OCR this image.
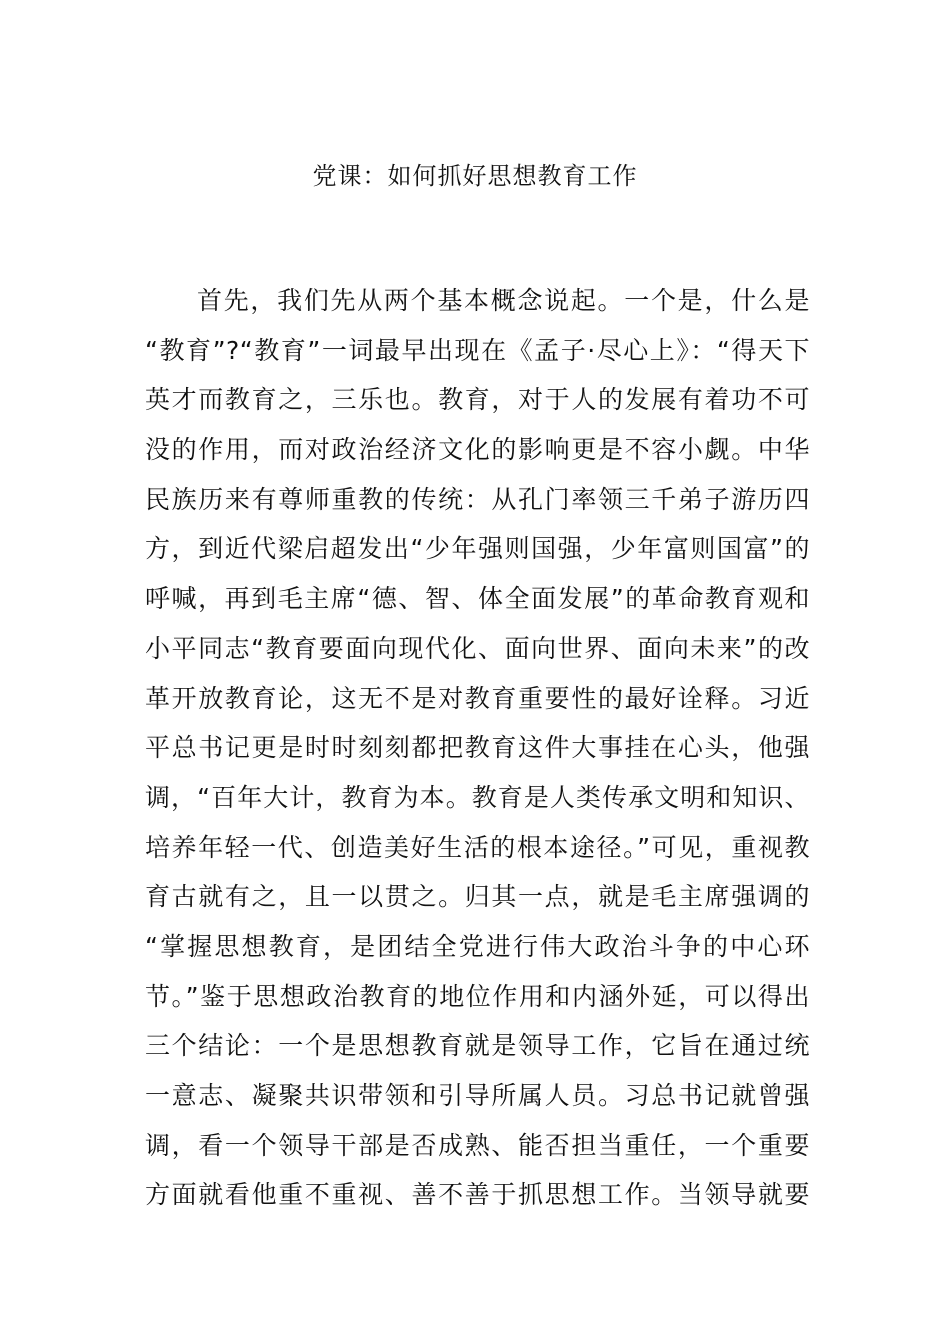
党课：如何抓好思想教育工作
首先，我们先从两个基本概念说起。一个是，什么是
“教育”?“教育”一词最早出现在《孟子·尽心上》：“得天下
英才而教育之，三乐也。教育，对于人的发展有着功不可
没的作用，而对政治经济文化的影响更是不容小觑。中华
民族历来有尊师重教的传统：从孔门率领三千弟子游历四
方，到近代梁启超发出“少年强则国强，少年富则国富”的
呼喊，再到毛主席“德、智、体全面发展”的革命教育观和
小平同志“教育要面向现代化、面向世界、面向未来”的改
革开放教育论，这无不是对教育重要性的最好诠释。习近
平总书记更是时时刻刻都把教育这件大事挂在心头，他强
调，“百年大计，教育为本。教育是人类传承文明和知识、
培养年轻一代、创造美好生活的根本途径。”可见，重视教
育古就有之，且一以贯之。归其一点，就是毛主席强调的
“掌握思想教育，是团结全党进行伟大政治斗争的中心环
节。”鉴于思想政治教育的地位作用和内涵外延，可以得出
三个结论：一个是思想教育就是领导工作，它旨在通过统
一意志、凝聚共识带领和引导所属人员。习总书记就曾强
调，看一个领导干部是否成熟、能否担当重任，一个重要
方面就看他重不重视、善不善于抓思想工作。当领导就要
